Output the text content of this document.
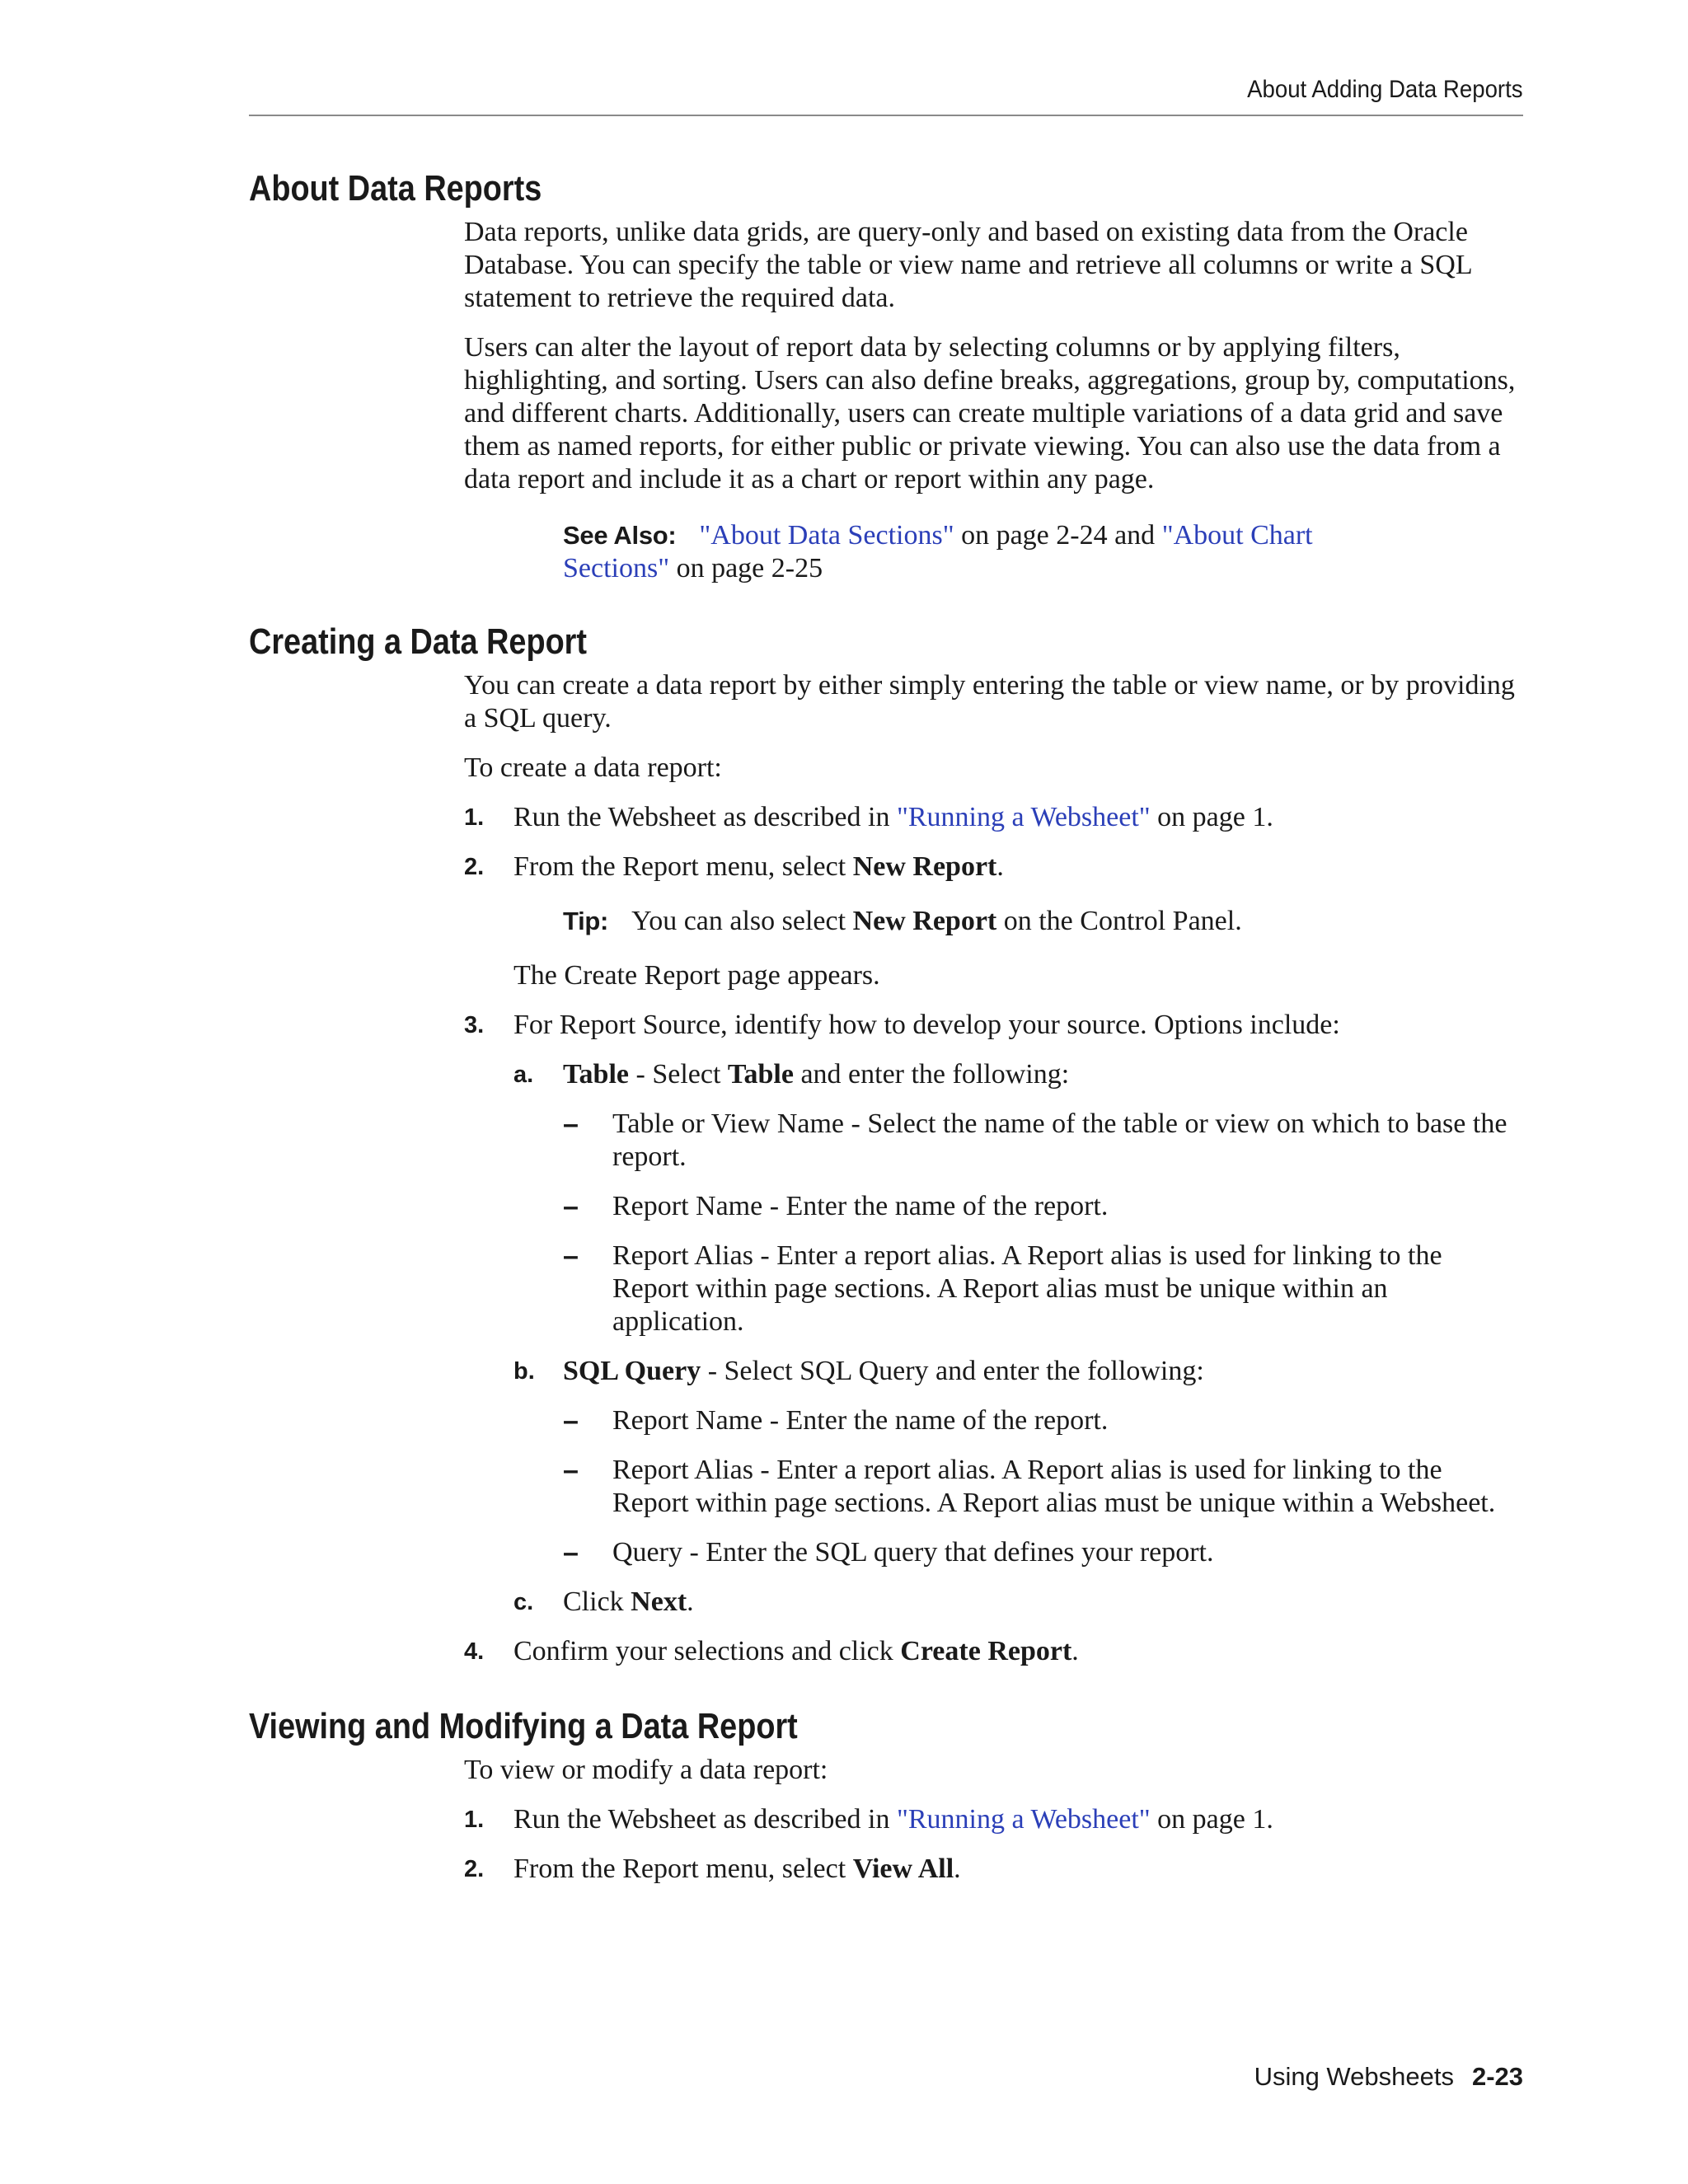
About Adding Data Reports
About Data Reports

Data reports, unlike data grids, are query-only and based on existing data from the Oracle Database. You can specify the table or view name and retrieve all columns or write a SQL statement to retrieve the required data.

Users can alter the layout of report data by selecting columns or by applying filters, highlighting, and sorting. Users can also define breaks, aggregations, group by, computations, and different charts. Additionally, users can create multiple variations of a data grid and save them as named reports, for either public or private viewing. You can also use the data from a data report and include it as a chart or report within any page.

See Also: "About Data Sections" on page 2-24 and "About Chart Sections" on page 2-25
Creating a Data Report

You can create a data report by either simply entering the table or view name, or by providing a SQL query.

To create a data report:

1.	Run the Websheet as described in "Running a Websheet" on page 1.
2.	From the Report menu, select New Report.
Tip: You can also select New Report on the Control Panel.

The Create Report page appears.

3.	For Report Source, identify how to develop your source. Options include:
a.	Table - Select Table and enter the following:
–	Table or View Name - Select the name of the table or view on which to base the report.
–	Report Name - Enter the name of the report.
–	Report Alias - Enter a report alias. A Report alias is used for linking to the Report within page sections. A Report alias must be unique within an application.
b.	SQL Query - Select SQL Query and enter the following:
–	Report Name - Enter the name of the report.
–	Report Alias - Enter a report alias. A Report alias is used for linking to the Report within page sections. A Report alias must be unique within a Websheet.
–	Query - Enter the SQL query that defines your report.
c.	Click Next.
4.	Confirm your selections and click Create Report.
Viewing and Modifying a Data Report

To view or modify a data report:

1.	Run the Websheet as described in "Running a Websheet" on page 1.
2.	From the Report menu, select View All.
Using Websheets 2-23
